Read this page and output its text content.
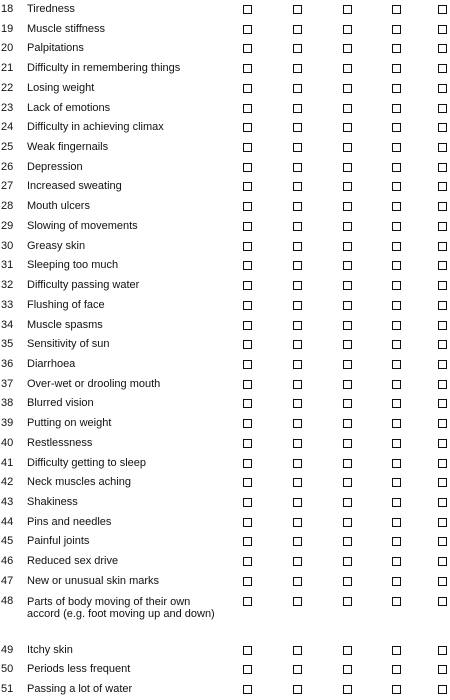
18	Tiredness
19	Muscle stiffness
20	Palpitations
21	Difficulty in remembering things
22	Losing weight
23	Lack of emotions
24	Difficulty in achieving climax
25	Weak fingernails
26	Depression
27	Increased sweating
28	Mouth ulcers
29	Slowing of movements
30	Greasy skin
31	Sleeping too much
32	Difficulty passing water
33	Flushing of face
34	Muscle spasms
35	Sensitivity of sun
36	Diarrhoea
37	Over-wet or drooling mouth
38	Blurred vision
39	Putting on weight
40	Restlessness
41	Difficulty getting to sleep
42	Neck muscles aching
43	Shakiness
44	Pins and needles
45	Painful joints
46	Reduced sex drive
47	New or unusual skin marks
48	Parts of body moving of their own accord (e.g. foot moving up and down)
49	Itchy skin
50	Periods less frequent
51	Passing a lot of water
